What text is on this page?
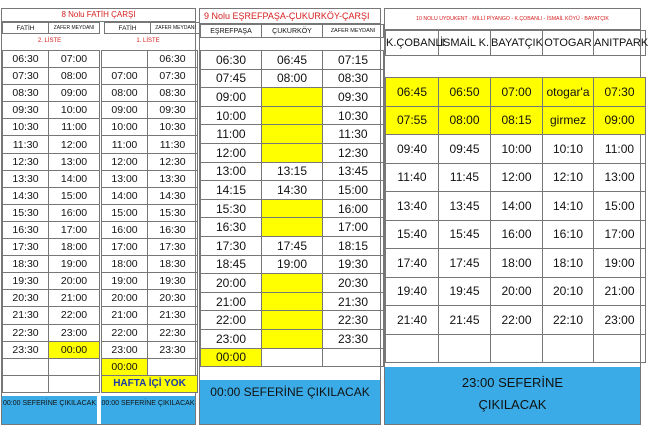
8 Nolu FATİH ÇARŞI
FATİH	ZAFER MEYDANI		FATİH	ZAFER MEYDANI
2. LİSTE	1. LİSTE
06:30	07:00
07:30	08:00
08:30	09:00
09:30	10:00
10:30	11:00
11:30	12:00
12:30	13:00
13:30	14:00
14:30	15:00
15:30	16:00
16:30	17:00
17:30	18:00
18:30	19:00
19:30	20:00
20:30	21:00
21:30	22:00
22:30	23:00
23:30	00:00

	06:30
07:00	07:30
08:00	08:30
09:00	09:30
10:00	10:30
11:00	11:30
12:00	12:30
13:00	13:30
14:00	14:30
15:00	15:30
16:00	16:30
17:00	17:30
18:00	18:30
19:00	19:30
20:00	20:30
21:00	21:30
22:00	22:30
23:00	23:30
00:00	
HAFTA İÇİ YOK	
00:00 SEFERİNE ÇIKILACAK 00:00 SEFERİNE ÇIKILACAK
9 Nolu EŞREFPAŞA-ÇUKURKÖY-ÇARŞI
EŞREFPAŞA	ÇUKURKÖY	ZAFER MEYDANI
06:30	06:45	07:15
07:45	08:00	08:30
09:00		09:30
10:00		10:30
11:00		11:30
12:00		12:30
13:00	13:15	13:45
14:15	14:30	15:00
15:30		16:00
16:30		17:00
17:30	17:45	18:15
18:45	19:00	19:30
20:00		20:30
21:00		21:30
22:00		22:30
23:00		23:30
00:00		
00:00 SEFERİNE ÇIKILACAK
10 NOLU UYDUKENT - MİLLİ PİYANGO - K.ÇOBANLI - İSMAİL KÖYÜ - BAYATÇIK
K.ÇOBANLI	İSMAİL K.	BAYATÇIK	OTOGAR	ANITPARK
06:45	06:50	07:00	otogar'a	07:30
07:55	08:00	08:15	girmez	09:00
09:40	09:45	10:00	10:10	11:00
11:40	11:45	12:00	12:10	13:00
13:40	13:45	14:00	14:10	15:00
15:40	15:45	16:00	16:10	17:00
17:40	17:45	18:00	18:10	19:00
19:40	19:45	20:00	20:10	21:00
21:40	21:45	22:00	22:10	23:00

23:00 SEFERİNE ÇIKILACAK
